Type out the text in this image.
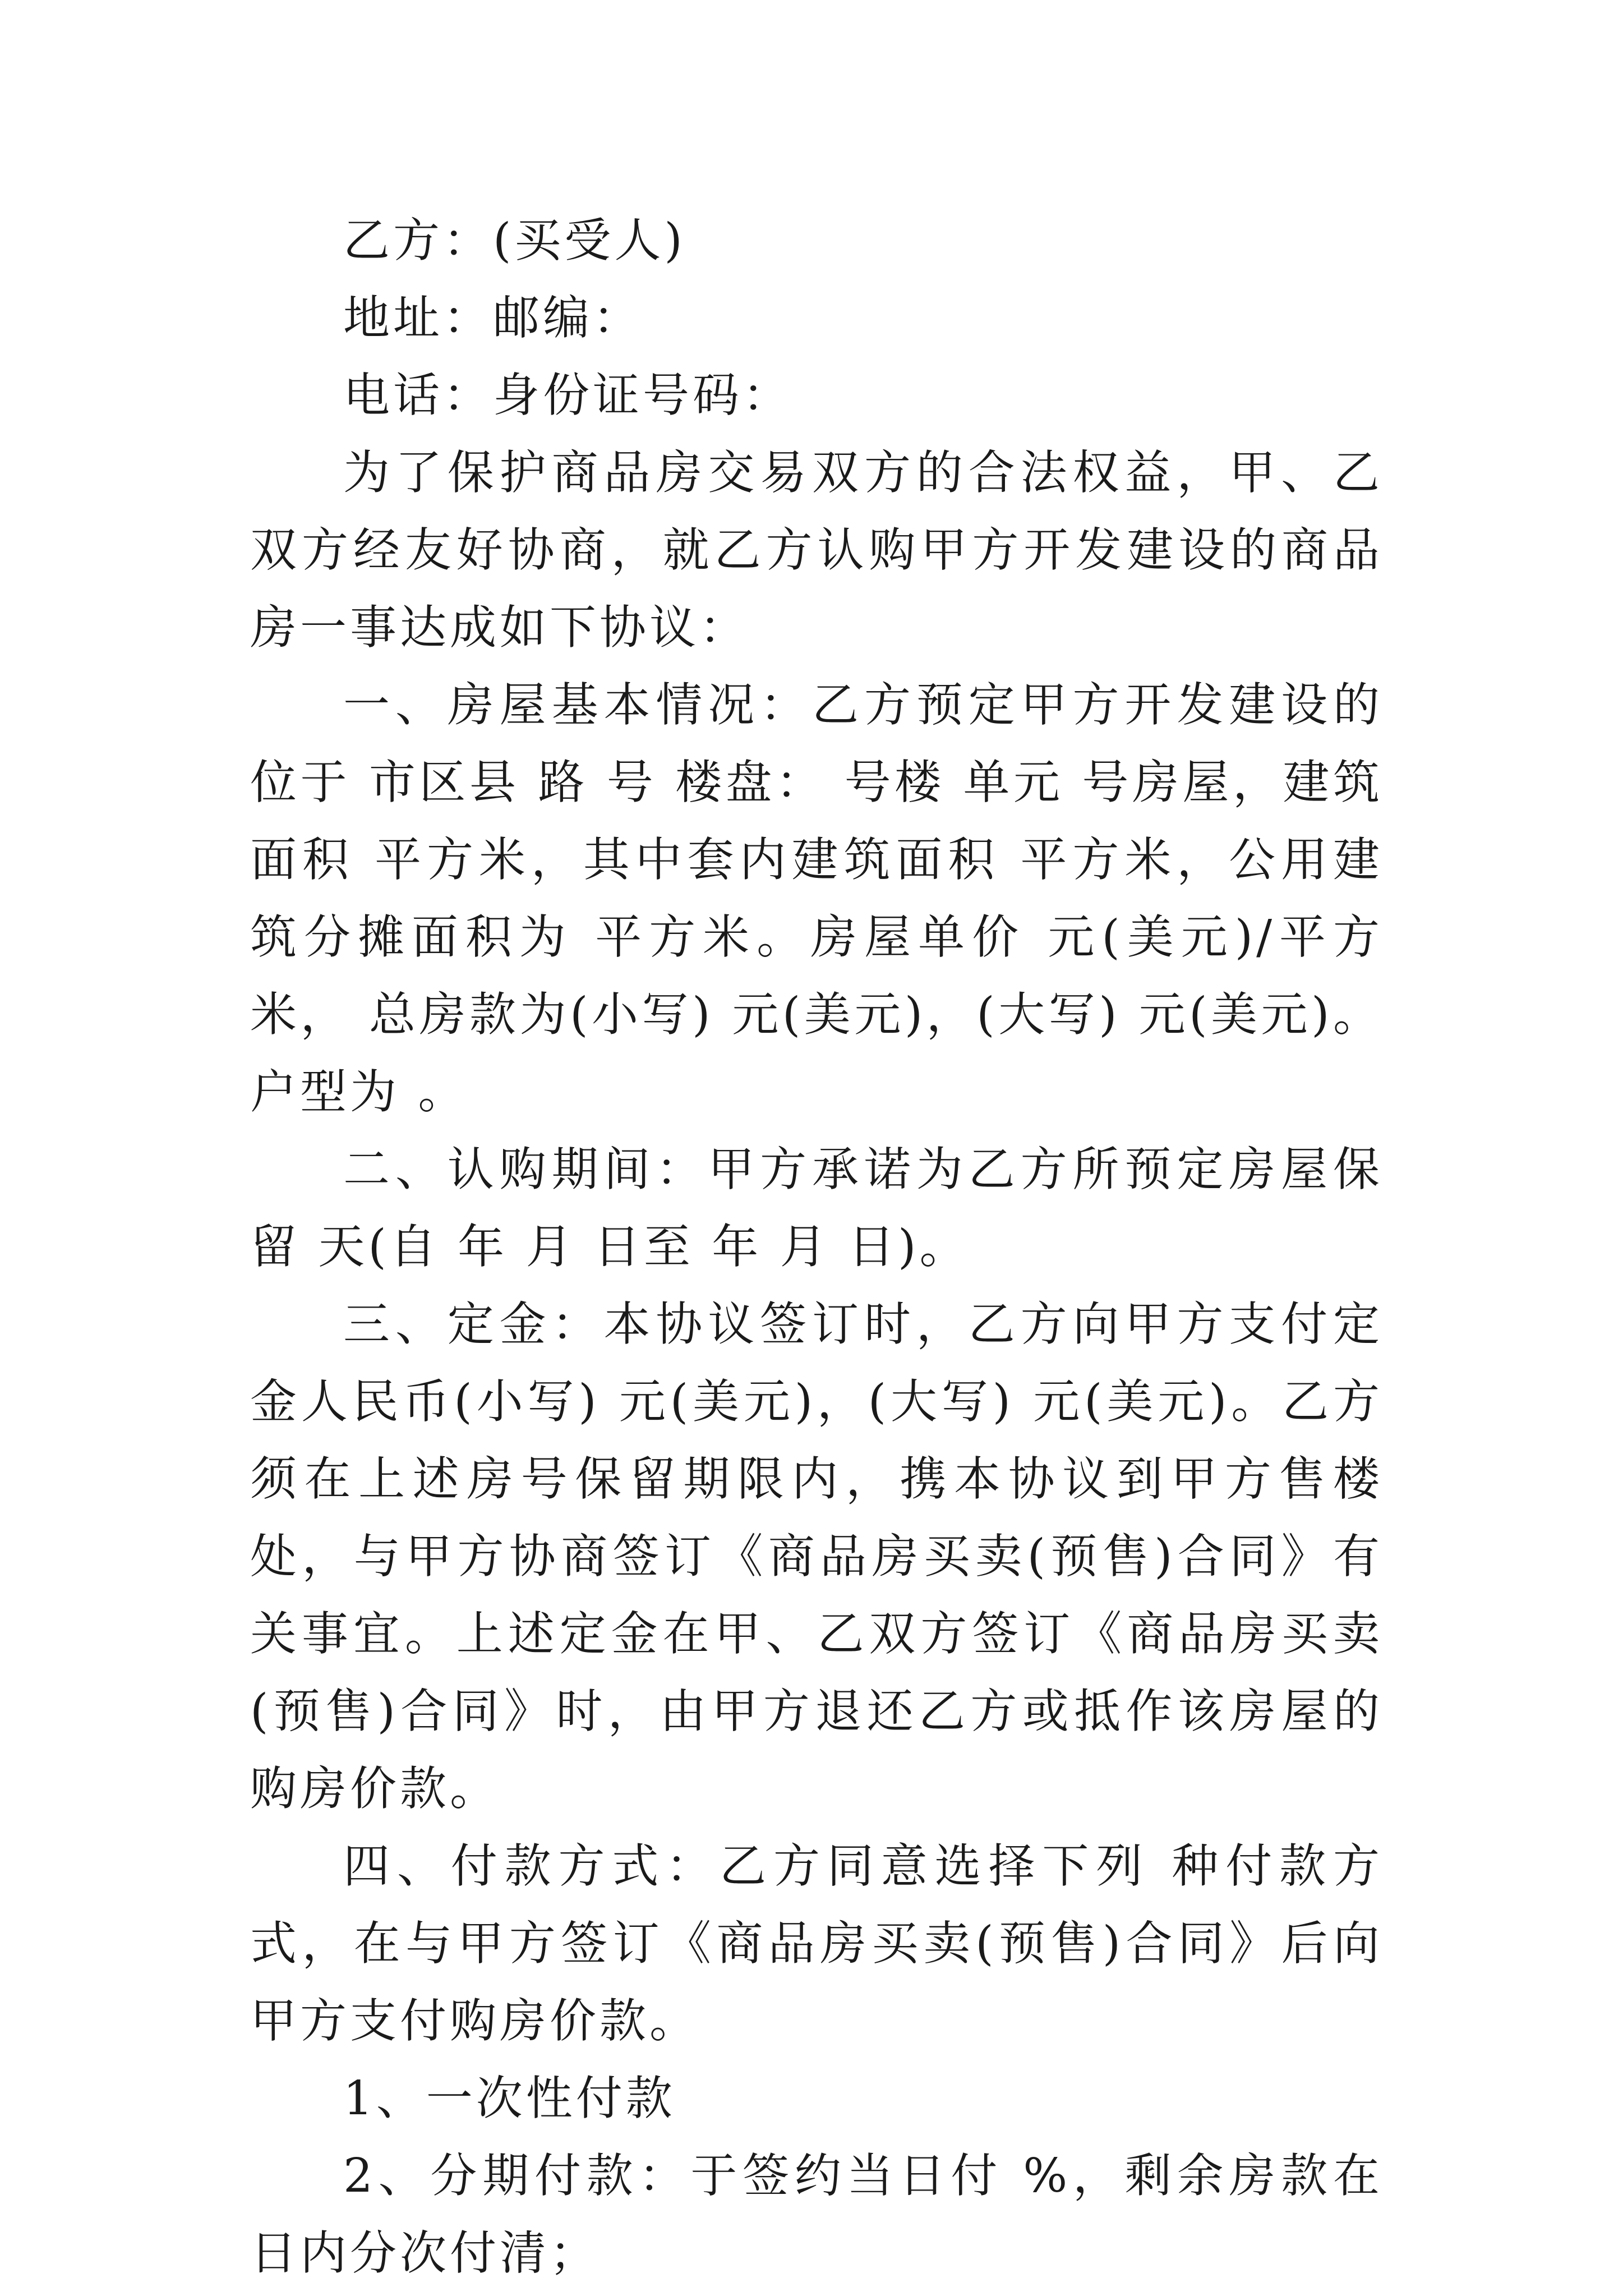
乙方：(买受人)

地址：邮编：

电话：身份证号码：

为了保护商品房交易双方的合法权益，甲、乙双方经友好协商，就乙方认购甲方开发建设的商品房一事达成如下协议：

一、房屋基本情况：乙方预定甲方开发建设的位于 市区县 路 号 楼盘： 号楼 单元 号房屋，建筑面积 平方米，其中套内建筑面积 平方米，公用建筑分摊面积为 平方米。房屋单价 元(美元)/平方米， 总房款为(小写) 元(美元)，(大写) 元(美元)。户型为 。

二、认购期间：甲方承诺为乙方所预定房屋保留 天(自 年 月 日至 年 月 日)。

三、定金：本协议签订时，乙方向甲方支付定金人民币(小写) 元(美元)，(大写) 元(美元)。乙方须在上述房号保留期限内，携本协议到甲方售楼处，与甲方协商签订《商品房买卖(预售)合同》有关事宜。上述定金在甲、乙双方签订《商品房买卖(预售)合同》时，由甲方退还乙方或抵作该房屋的购房价款。

四、付款方式：乙方同意选择下列 种付款方式，在与甲方签订《商品房买卖(预售)合同》后向甲方支付购房价款。

1、一次性付款

2、分期付款：于签约当日付 %，剩余房款在 日内分次付清；
